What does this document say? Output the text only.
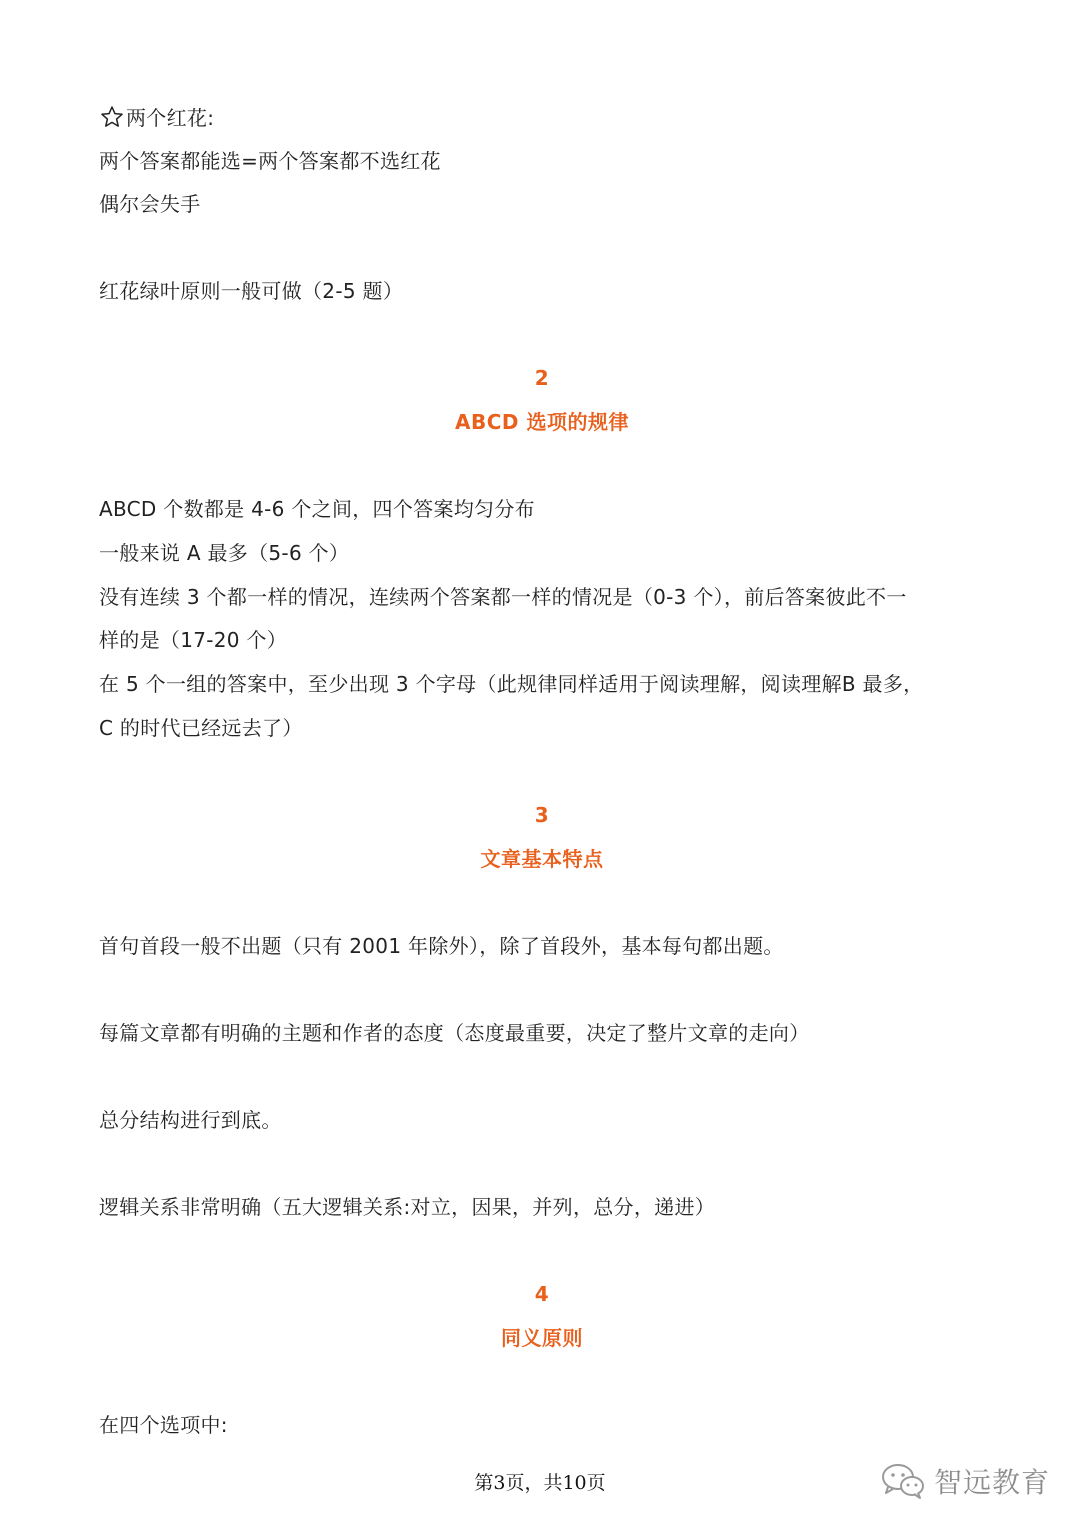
两个红花:
两个答案都能选=两个答案都不选红花
偶尔会失手
红花绿叶原则一般可做（2-5 题）
2
ABCD 选项的规律
ABCD 个数都是 4-6 个之间，四个答案均匀分布
一般来说 A 最多（5-6 个）
没有连续 3 个都一样的情况，连续两个答案都一样的情况是（0-3 个），前后答案彼此不一
样的是（17-20 个）
在 5 个一组的答案中，至少出现 3 个字母（此规律同样适用于阅读理解，阅读理解B 最多，
C 的时代已经远去了）
3
文章基本特点
首句首段一般不出题（只有 2001 年除外），除了首段外，基本每句都出题。
每篇文章都有明确的主题和作者的态度（态度最重要，决定了整片文章的走向）
总分结构进行到底。
逻辑关系非常明确（五大逻辑关系:对立，因果，并列，总分，递进）
4
同义原则
在四个选项中:
第3页，共10页	智远教育
